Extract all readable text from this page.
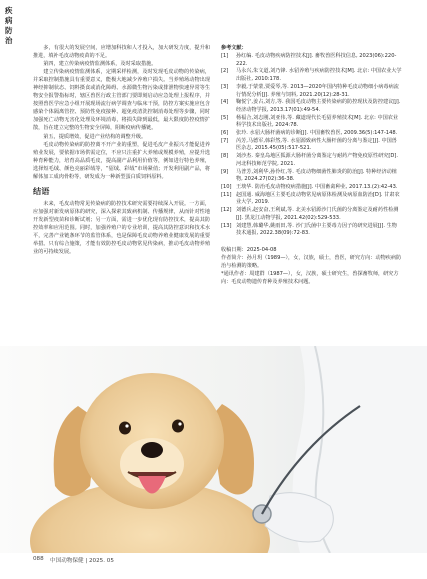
疾病防治

多，有很大的发展空间，应增加科技和人才投入，加大研发力度，提升和推进，填补毛皮动物疫苗的不足。

第四，建立传染病疫情监测体系，及时采取措施。

建立传染病疫情监测体系，定期采样检测，及时发现毛皮动物的传染病，并采取控制措施具有重要意义，能极大地减少养殖户损失。当养殖场动物出现神经抑制状态、饲料摄食或消化障碍、水源微生物污染或排泄物快速异常等生物安全报警指标时，辖区兽医行政主管部门要即刻启动应急处理上报程序，并按照兽医学应急小组开展现场流行病学调查与临床干预，防控方案实施应包含感染个体隔离管控、预防性免疫接种、超免疫清洗控制消毒处理等步骤，同时加强死亡动物无害化处理及环境消毒，将损失降到最低，最大限度防控疫情扩散，旨在建立完整的生物安全屏障，阻断疫病传播链。

第五，提质增效，促进产业结构的调整升级。

毛皮动物传染病的防控离不开产业的重塑，促进毛皮产业振兴才能促进养殖业发展，要依据市场供需定位，不应只注重扩大养殖或规模养殖，应提升选种育种能力，培育高品质毛皮，提高副产品利用价值等，例如进行特色养殖，选择短毛绒、颜色亮丽彩绒等，“貂绒、彩绒”市场紧俏；开发利用副产品，将解体加工成肉骨粉等，研发成为一种新型蛋白质饲料原料。

结语

未来，毛皮动物常见传染病的防控技术研究需要持续深入开展。一方面，应加强对新发病原体的研究，深入探索其致病机制、传播规律，从而针对性地开发新型疫苗和诊断试剂；另一方面，需进一步优化现有防控技术，提高其防控效率和应用范围。同时，加强养殖户的专业培训，提高其防控意识和技术水平，完善产业链条环节的监管体系，也是保障毛皮动物养殖业健康发展的重要举措。只有综合施策，才能有效防控毛皮动物常见传染病，推动毛皮动物养殖业的可持续发展。

参考文献：
[1]	孙红编. 毛皮动物疾病防控技术[J]. 畜牧兽医科技信息, 2023(06):220-222.
[2]	马永兴,朱文道,刘乃锋. 水貂养殖与疾病防控技术[M]. 北京: 中国农业大学出版社, 2010:178.
[3]	李毅,于蒙蒙,贾爱琴,等. 2013—2020年国内特种毛皮动物细小病毒病流行情况分析[J]. 养殖与饲料, 2021.20(12):28-31.
[4]	鞠悦宁,姜占,刘方,等. 我国毛皮动物主要传染病的防控现状及防控建议[J]. 经济动物学报, 2013.17(01):49-54.
[5]	杨福合,刘志刚,刘亚伟,等. 藏道现代长毛貂养殖技术[M]. 北京: 中国农业科学技术出版社, 2024:78.
[6]	张玲. 水貂大肠杆菌病的诊断[J]. 中国畜牧兽医, 2009.36(5):147-148.
[7]	芮芳,马德军,韩彩然,等. 水貂源致病性大肠杆菌的分离与鉴定[J]. 中国兽医杂志, 2015.45(05):517-521.
[8]	刘沙杰. 秦皇岛地区狐源大肠杆菌分离鉴定与耐药产物免疫原性研究[D]. 河北科技师范学院, 2021.
[9]	马普芳,刘利华,孙伶红,等. 毛皮动物细菌性肺炎的防治[J]. 特种经济动植物, 2024.27(02):36-38.
[10] 王琰华. 防治毛皮动物疫病措施[J]. 中国畜禽种业, 2017.13.(2):42-43.
[11] 赵国通. 威海地区主要毛皮动物常见病原体检测及病原血防治[D]. 甘肃农业大学, 2019.
[12] 刘德兵,赵安奋,王利斌,等. 北美水貂源沙门氏菌的分离鉴定及耐药性检测[J]. 黑龙江动物学报, 2021.42(02):529-533.
[13] 刘建慧,韩璐华,姚雨田,等. 沙门氏菌中主要毒力因子的研究进展[J]. 生物技术通报, 2022.38(09):72-83.
收稿日期：2025-04-08
作者简介：孙月玥（1989—），女，汉族，硕士，兽医，研究方向：动物疾病防治与检测的策略。
*通讯作者：周建群（1987—），女，汉族，硕士研究生，兽探畜牧师，研究方向：毛皮动物遗传育种及养殖技术问题。
088 中国动物保健 | 2025. 05
